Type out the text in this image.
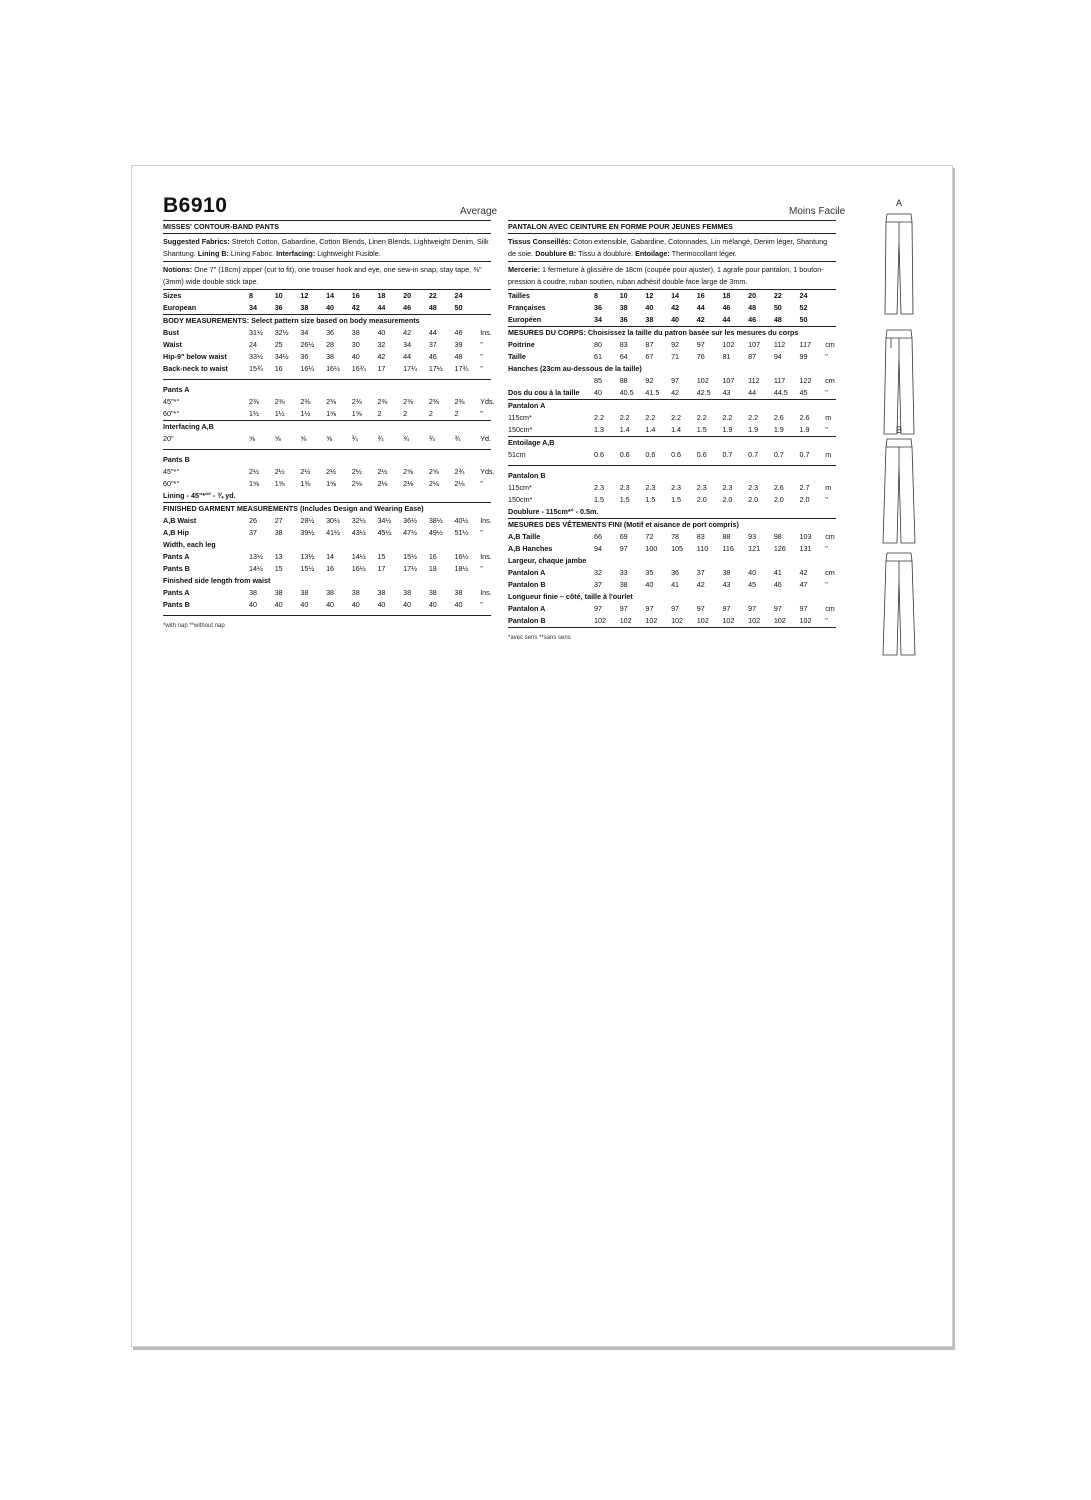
B6910	Average	Moins Facile
MISSES' CONTOUR-BAND PANTS
Suggested Fabrics: Stretch Cotton, Gabardine, Cotton Blends, Linen Blends, Lightweight Denim, Silk Shantung. Lining B: Lining Fabric. Interfacing: Lightweight Fusible.
Notions: One 7" (18cm) zipper (cut to fit), one trouser hook and eye, one sew-in snap, stay tape, ⅜" (3mm) wide double stick tape.
Sizes	8	10	12	14	16	18	20	22	24
European	34	36	38	40	42	44	46	48	50
BODY MEASUREMENTS: Select pattern size based on body measurements
Bust	31½	32½	34	36	38	40	42	44	46	Ins.
Waist	24	25	26½	28	30	32	34	37	39	"
Hip-9" below waist	33½	34½	36	38	40	42	44	46	48	"
Back-neck to waist	15¾	16	16¼	16½	16¾	17	17¼	17½	17¾	"
Pants A
45"*°	2⅜	2⅜	2⅜	2⅜	2⅜	2⅜	2⅜	2⅜	2⅜	Yds.
60"*°	1½	1½	1½	1⅝	1⅝	2	2	2	2	"
Interfacing A,B
20"	⅝	⅝	⅝	⅝	¾	¾	¾	¾	¾	Yd.
Pants B
45"*°	2½	2½	2½	2½	2½	2½	2⅝	2⅝	2¾	Yds.
60"*°	1⅝	1⅝	1⅝	1⅝	2⅛	2⅛	2⅛	2⅛	2⅛	"
Lining - 45"*°° - ¾ yd.
FINISHED GARMENT MEASUREMENTS (Includes Design and Wearing Ease)
A,B Waist	26	27	28½	30½	32½	34½	36½	38½	40½	Ins.
A,B Hip	37	38	39½	41½	43½	45½	47½	49½	51½	"
Width, each leg
Pants A	13½	13	13½	14	14½	15	15½	16	16½	Ins.
Pants B	14½	15	15½	16	16½	17	17½	18	18½	"
Finished side length from waist
Pants A	38	38	38	38	38	38	38	38	38	Ins.
Pants B	40	40	40	40	40	40	40	40	40	"
*with nap **without nap
PANTALON AVEC CEINTURE EN FORME POUR JEUNES FEMMES
Tissus Conseillés: Coton extensible, Gabardine, Cotonnades, Lin mélangé, Denim léger, Shantung de soie. Doublure B: Tissu à doublure. Entoilage: Thermocollant léger.
Mercerie: 1 fermeture à glissière de 18cm (coupée pour ajuster), 1 agrafe pour pantalon, 1 bouton-pression à coudre, ruban soutien, ruban adhésif double face large de 3mm.
Tailles	8	10	12	14	16	18	20	22	24
Françaises	36	38	40	42	44	46	48	50	52
Européen	34	36	38	40	42	44	46	48	50
MESURES DU CORPS: Choisissez la taille du patron basée sur les mesures du corps
Poitrine	80	83	87	92	97	102	107	112	117	cm
Taille	61	64	67	71	76	81	87	94	99	"
Hanches (23cm au-dessous de la taille)
85	88	92	97	102	107	112	117	122	cm
Dos du cou à la taille	40	40.5	41.5	42	42.5	43	44	44.5	45	"
Pantalon A
115cm*	2.2	2.2	2.2	2.2	2.2	2.2	2.2	2.6	2.6	m
150cm*	1.3	1.4	1.4	1.4	1.5	1.9	1.9	1.9	1.9	"
Entoilage A,B
51cm	0.6	0.6	0.6	0.6	0.6	0.7	0.7	0.7	0.7	m
Pantalon B
115cm*	2.3	2.3	2.3	2.3	2.3	2.3	2.3	2.6	2.7	m
150cm*	1.5	1.5	1.5	1.5	2.0	2.0	2.0	2.0	2.0	"
Doublure - 115cm*° - 0.5m.
MESURES DES VÊTEMENTS FINI (Motif et aisance de port compris)
A,B Taille	66	69	72	78	83	88	93	98	103	cm
A,B Hanches	94	97	100	105	110	116	121	126	131	"
Largeur, chaque jambe
Pantalon A	32	33	35	36	37	38	40	41	42	cm
Pantalon B	37	38	40	41	42	43	45	46	47	"
Longueur finie – côté, taille à l'ourlet
Pantalon A	97	97	97	97	97	97	97	97	97	cm
Pantalon B	102	102	102	102	102	102	102	102	102	"
*avec sens **sans sens
A
B
